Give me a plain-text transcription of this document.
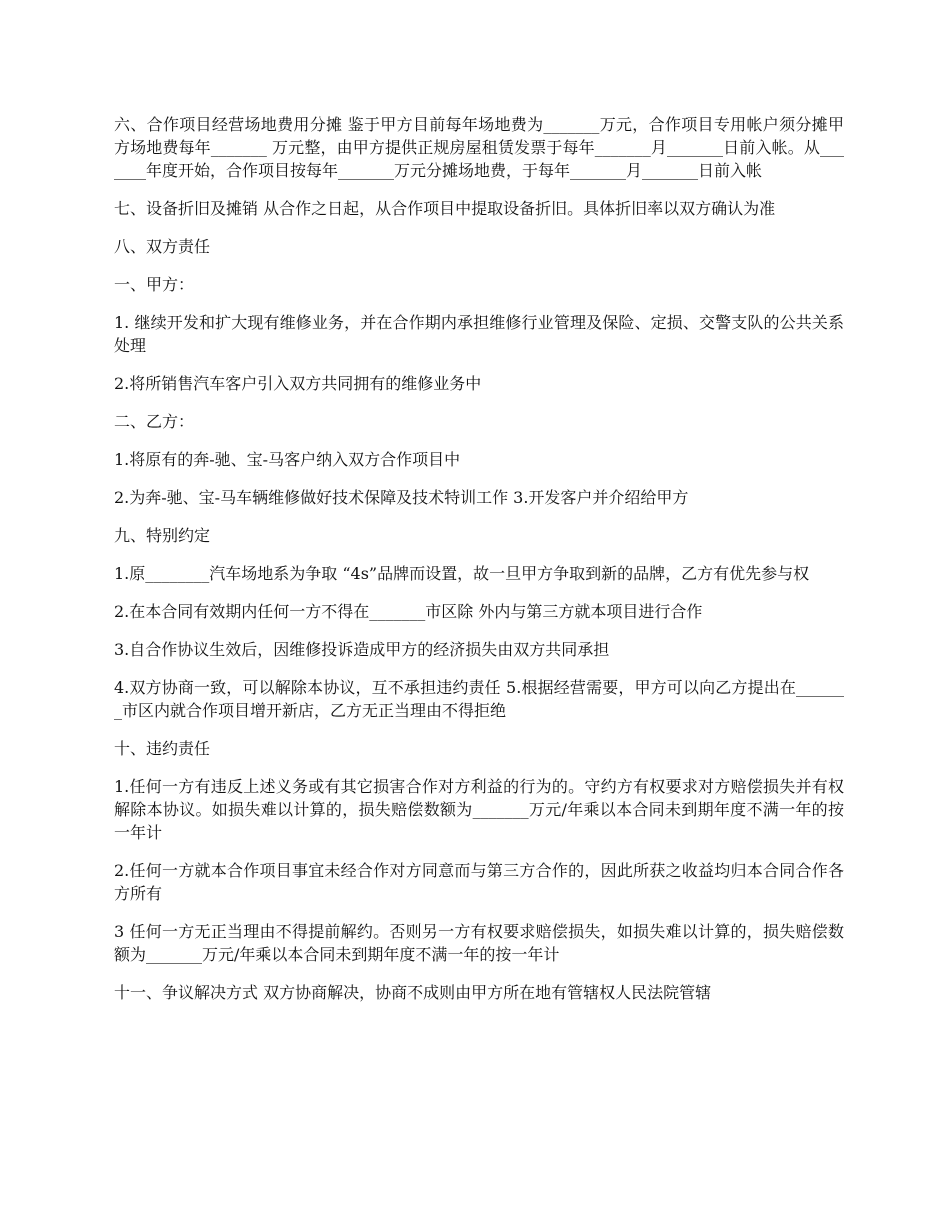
六、合作项目经营场地费用分摊 鉴于甲方目前每年场地费为_______万元，合作项目专用帐户须分摊甲方场地费每年_______ 万元整，由甲方提供正规房屋租赁发票于每年_______月_______日前入帐。从_______年度开始，合作项目按每年_______万元分摊场地费，于每年_______月_______日前入帐

七、设备折旧及摊销 从合作之日起，从合作项目中提取设备折旧。具体折旧率以双方确认为准

八、双方责任

一、甲方：

1. 继续开发和扩大现有维修业务，并在合作期内承担维修行业管理及保险、定损、交警支队的公共关系处理

2.将所销售汽车客户引入双方共同拥有的维修业务中

二、乙方：

1.将原有的奔-驰、宝-马客户纳入双方合作项目中

2.为奔-驰、宝-马车辆维修做好技术保障及技术特训工作 3.开发客户并介绍给甲方

九、特别约定

1.原________汽车场地系为争取 “4s”品牌而设置，故一旦甲方争取到新的品牌，乙方有优先参与权

2.在本合同有效期内任何一方不得在_______市区除 外内与第三方就本项目进行合作

3.自合作协议生效后，因维修投诉造成甲方的经济损失由双方共同承担

4.双方协商一致，可以解除本协议，互不承担违约责任 5.根据经营需要，甲方可以向乙方提出在_______市区内就合作项目增开新店，乙方无正当理由不得拒绝

十、违约责任

1.任何一方有违反上述义务或有其它损害合作对方利益的行为的。守约方有权要求对方赔偿损失并有权解除本协议。如损失难以计算的，损失赔偿数额为_______万元/年乘以本合同未到期年度不满一年的按一年计

2.任何一方就本合作项目事宜未经合作对方同意而与第三方合作的，因此所获之收益均归本合同合作各方所有

3 任何一方无正当理由不得提前解约。否则另一方有权要求赔偿损失，如损失难以计算的，损失赔偿数额为_______万元/年乘以本合同未到期年度不满一年的按一年计

十一、争议解决方式 双方协商解决，协商不成则由甲方所在地有管辖权人民法院管辖
